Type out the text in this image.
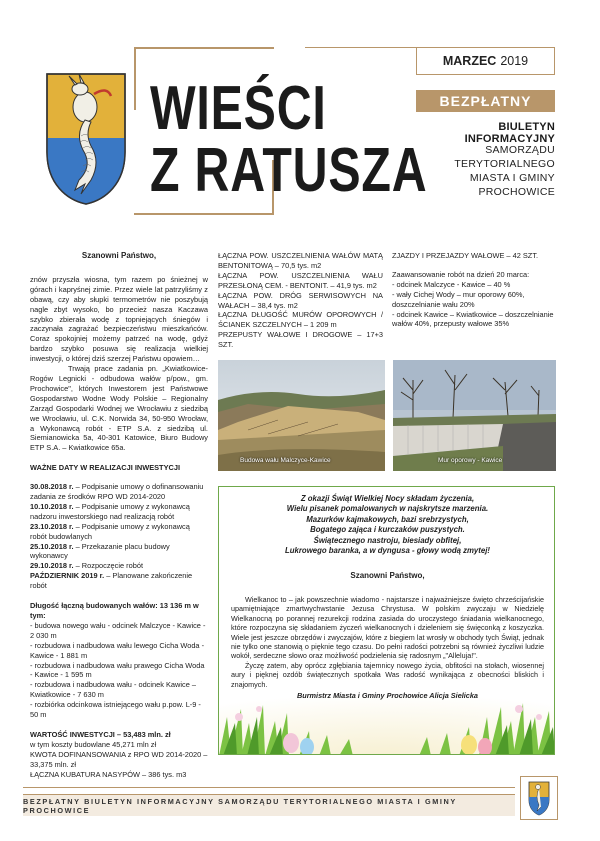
WIEŚCI
Z RATUSZA
MARZEC 2019
BEZPŁATNY
BIULETYN INFORMACYJNY
SAMORZĄDU
TERYTORIALNEGO
MIASTA I GMINY
PROCHOWICE
Szanowni Państwo,

znów przyszła wiosna, tym razem po śnieżnej w górach i kapryśnej zimie. Przez wiele lat patrzyliśmy z obawą, czy aby słupki termometrów nie poszybują nagle zbyt wysoko, bo przecież nasza Kaczawa szybko zbierała wodę z topniejących śniegów i zaczynała zagrażać bezpieczeństwu mieszkańców. Coraz spokojniej możemy patrzeć na wodę, gdyż bardzo szybko posuwa się realizacja wielkiej inwestycji, o której dziś szerzej Państwu opowiem…

Trwają prace zadania pn. „Kwiatkowice-Rogów Legnicki - odbudowa wałów p/pow., gm. Prochowice", których Inwestorem jest Państwowe Gospodarstwo Wodne Wody Polskie – Regionalny Zarząd Gospodarki Wodnej we Wrocławiu z siedzibą we Wrocławiu, ul. C.K. Norwida 34, 50-950 Wrocław, a Wykonawcą robót - ETP S.A. z siedzibą ul. Siemianowicka 5a, 40-301 Katowice, Biuro Budowy ETP S.A. – Kwiatkowice 65a.

WAŻNE DATY W REALIZACJI INWESTYCJI

30.08.2018 r. – Podpisanie umowy o dofinansowaniu zadania ze środków RPO WD 2014-2020

10.10.2018 r. – Podpisanie umowy z wykonawcą nadzoru inwestorskiego nad realizacją robót

23.10.2018 r. – Podpisanie umowy z wykonawcą robót budowlanych

25.10.2018 r. – Przekazanie placu budowy wykonawcy

29.10.2018 r. – Rozpoczęcie robót

PAŹDZIERNIK 2019 r. – Planowane zakończenie robót

Długość łączną budowanych wałów: 13 136 m w tym:

- budowa nowego wału - odcinek Malczyce - Kawice - 2 030 m

- rozbudowa i nadbudowa wału lewego Cicha Woda - Kawice - 1 881 m

- rozbudowa i nadbudowa wału prawego Cicha Woda - Kawice - 1 595 m

- rozbudowa i nadbudowa wału - odcinek Kawice – Kwiatkowice - 7 630 m

- rozbiórka odcinkowa istniejącego wału p.pow. L-9 - 50 m

WARTOŚĆ INWESTYCJI – 53,483 mln. zł

w tym koszty budowlane 45,271 mln zł

KWOTA DOFINANSOWANIA z RPO WD 2014-2020 – 33,375 mln. zł

ŁĄCZNA KUBATURA NASYPÓW – 386 tys. m3

ŁĄCZNA POW. USZCZELNIENIA WAŁÓW MATĄ BENTONITOWĄ – 70,5 tys. m2

ŁĄCZNA POW. USZCZELNIENIA WAŁU PRZESŁONĄ CEM. - BENTONIT. – 41,9 tys. m2

ŁĄCZNA POW. DRÓG SERWISOWYCH NA WAŁACH – 38,4 tys. m2

ŁĄCZNA DŁUGOŚĆ MURÓW OPOROWYCH / ŚCIANEK SZCZELNYCH – 1 209 m

PRZEPUSTY WAŁOWE I DROGOWE – 17+3 SZT.

ZJAZDY I PRZEJAZDY WAŁOWE – 42 SZT.

Zaawansowanie robót na dzień 20 marca:

- odcinek Malczyce - Kawice – 40 %

- wały Cichej Wody – mur oporowy 60%, doszczelnianie wału 20%

- odcinek Kawice – Kwiatkowice – doszczelnianie wałów 40%, przepusty wałowe 35%

Budowa wału Malczyce-Kawice	Mur oporowy - Kawice
Z okazji Świąt Wielkiej Nocy składam życzenia,
Wielu pisanek pomalowanych w najskrytsze marzenia.
Mazurków kajmakowych, bazi srebrzystych,
Bogatego zająca i kurczaków puszystych.
Świątecznego nastroju, biesiady obfitej,
Lukrowego baranka, a w dyngusa - głowy wodą zmytej!
Szanowni Państwo,

Wielkanoc to – jak powszechnie wiadomo - najstarsze i najważniejsze święto chrześcijańskie upamiętniające zmartwychwstanie Jezusa Chrystusa. W polskim zwyczaju w Niedzielę Wielkanocną po porannej rezurekcji rodzina zasiada do uroczystego śniadania wielkanocnego, które rozpoczyna się składaniem życzeń wielkanocnych i dzieleniem się święconką z koszyczka. Wiele jest jeszcze obrzędów i zwyczajów, które z biegiem lat wrosły w obchody tych Świąt, jednak nie tylko one stanowią o pięknie tego czasu. Do pełni radości potrzebni są również życzliwi ludzie wokół, serdeczne słowo oraz możliwość podzielenia się radosnym „"Alleluja!".

Życzę zatem, aby oprócz zgłębiania tajemnicy nowego życia, obfitości na stołach, wiosennej aury i pięknej ozdób świątecznych spotkała Was radość wynikająca z obecności bliskich i znajomych.

Burmistrz Miasta i Gminy Prochowice Alicja Sielicka
BEZPŁATNY BIULETYN INFORMACYJNY SAMORZĄDU TERYTORIALNEGO MIASTA I GMINY PROCHOWICE
